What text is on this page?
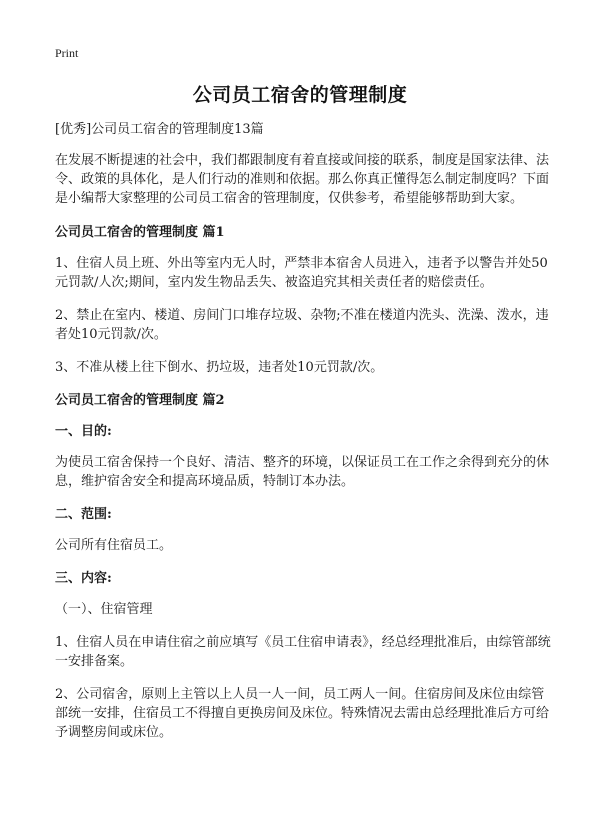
Print
公司员工宿舍的管理制度
[优秀]公司员工宿舍的管理制度13篇
在发展不断提速的社会中，我们都跟制度有着直接或间接的联系，制度是国家法律、法令、政策的具体化，是人们行动的准则和依据。那么你真正懂得怎么制定制度吗？下面是小编帮大家整理的公司员工宿舍的管理制度，仅供参考，希望能够帮助到大家。
公司员工宿舍的管理制度 篇1
1、住宿人员上班、外出等室内无人时，严禁非本宿舍人员进入，违者予以警告并处50元罚款/人次;期间，室内发生物品丢失、被盗追究其相关责任者的赔偿责任。
2、禁止在室内、楼道、房间门口堆存垃圾、杂物;不准在楼道内洗头、洗澡、泼水，违者处10元罚款/次。
3、不准从楼上往下倒水、扔垃圾，违者处10元罚款/次。
公司员工宿舍的管理制度 篇2
一、目的:
为使员工宿舍保持一个良好、清洁、整齐的环境，以保证员工在工作之余得到充分的休息，维护宿舍安全和提高环境品质，特制订本办法。
二、范围:
公司所有住宿员工。
三、内容:
（一）、住宿管理
1、住宿人员在申请住宿之前应填写《员工住宿申请表》，经总经理批准后，由综管部统一安排备案。
2、公司宿舍，原则上主管以上人员一人一间，员工两人一间。住宿房间及床位由综管部统一安排，住宿员工不得擅自更换房间及床位。特殊情况去需由总经理批准后方可给予调整房间或床位。
